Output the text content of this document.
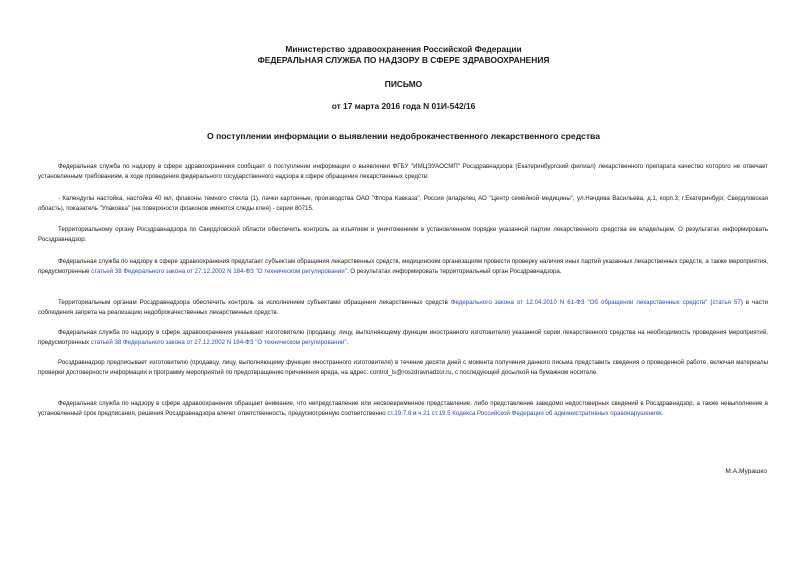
Министерство здравоохранения Российской Федерации
ФЕДЕРАЛЬНАЯ СЛУЖБА ПО НАДЗОРУ В СФЕРЕ ЗДРАВООХРАНЕНИЯ
ПИСЬМО
от 17 марта 2016 года N 01И-542/16
О поступлении информации о выявлении недоброкачественного лекарственного средства

Федеральная служба по надзору в сфере здравоохранения сообщает о поступлении информации о выявлении ФГБУ "ИМЦЭУАОСМП" Росздравнадзора (Екатеринбургский филиал) лекарственного препарата качество которого не отвечает установленным требованиям, в ходе проведения федерального государственного надзора в сфере обращения лекарственных средств:

- Календулы настойка, настойка 40 мл, флаконы темного стекла (1), пачки картонные, производства ОАО "Флора Кавказа", Россия (владелец АО "Центр семейной медицины", ул.Начдива Васильева, д.1, корп.3, г.Екатеринбург, Свердловская область), показатель "Упаковка" (на поверхности флаконов имеются следы клея) - серии 80715.

Территориальному органу Росздравнадзора по Свердловской области обеспечить контроль за изъятием и уничтожением в установленном порядке указанной партии лекарственного средства ее владельцем. О результатах информировать Росздравнадзор.

Федеральная служба по надзору в сфере здравоохранения предлагает субъектам обращения лекарственных средств, медицинским организациям провести проверку наличия иных партий указанных лекарственных средств, а также мероприятия, предусмотренные статьей 38 Федерального закона от 27.12.2002 N 184-ФЗ "О техническом регулировании". О результатах информировать территориальный орган Росздравнадзора.

Территориальным органам Росздравнадзора обеспечить контроль за исполнением субъектами обращения лекарственных средств Федерального закона от 12.04.2010 N 61-ФЗ "Об обращении лекарственных средств" (статья 57) в части соблюдения запрета на реализацию недоброкачественных лекарственных средств.

Федеральная служба по надзору в сфере здравоохранения указывает изготовителю (продавцу, лицу, выполняющему функции иностранного изготовителя) указанной серии лекарственного средства на необходимость проведения мероприятий, предусмотренных статьей 38 Федерального закона от 27.12.2002 N 184-ФЗ "О техническом регулировании".

Росздравнадзор предписывает изготовителю (продавцу, лицу, выполняющему функции иностранного изготовителя) в течение десяти дней с момента получения данного письма представить сведения о проведенной работе, включая материалы проверки достоверности информации и программу мероприятий по предотвращению причинения вреда, на адрес: control_ls@roszdravnadzor.ru, с последующей досылкой на бумажном носителе.

Федеральная служба по надзору в сфере здравоохранения обращает внимание, что непредставление или несвоевременное представление, либо представление заведомо недостоверных сведений в Росздравнадзор, а также невыполнение в установленный срок предписания, решения Росздравнадзора влечет ответственность, предусмотренную соответственно ст.19.7.8 и ч.21 ст.19.5 Кодекса Российской Федерации об административных правонарушениях.

М.А.Мурашко
